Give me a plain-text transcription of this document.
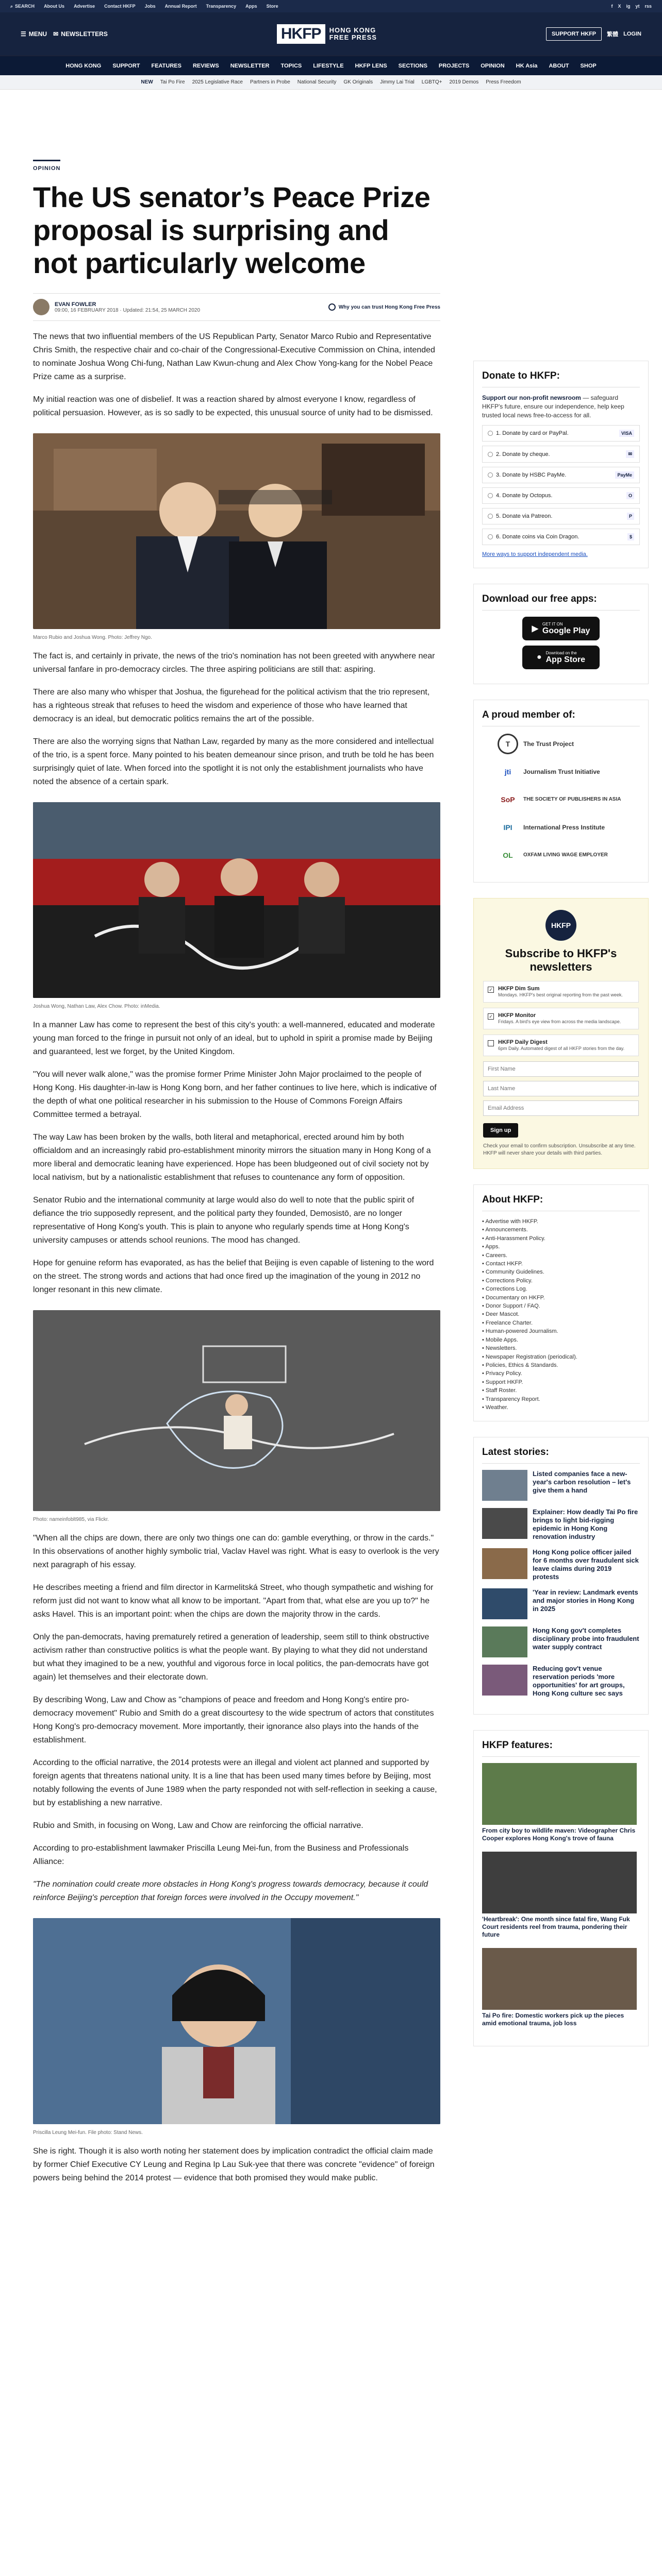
⌕ SEARCH About Us Advertise Contact HKFP Jobs Annual Report Transparency Apps Store	f X ig yt rss
☰ MENU ✉ NEWSLETTERS	HKFP	HONG KONG
FREE PRESS	SUPPORT HKFP	繁體 LOGIN
HONG KONG SUPPORT FEATURES REVIEWS NEWSLETTER TOPICS LIFESTYLE HKFP LENS SECTIONS PROJECTS OPINION HK Asia ABOUT SHOP
NEW Tai Po Fire 2025 Legislative Race Partners in Probe National Security GK Originals Jimmy Lai Trial LGBTQ+ 2019 Demos Press Freedom
OPINION
The US senator’s Peace Prize proposal is surprising and not particularly welcome
EVAN FOWLER
09:00, 16 FEBRUARY 2018 · Updated: 21:54, 25 MARCH 2020
Why you can trust Hong Kong Free Press

The news that two influential members of the US Republican Party, Senator Marco Rubio and Representative Chris Smith, the respective chair and co-chair of the Congressional-Executive Commission on China, intended to nominate Joshua Wong Chi-fung, Nathan Law Kwun-chung and Alex Chow Yong-kang for the Nobel Peace Prize came as a surprise.

My initial reaction was one of disbelief. It was a reaction shared by almost everyone I know, regardless of political persuasion. However, as is so sadly to be expected, this unusual source of unity had to be dismissed.

Marco Rubio and Joshua Wong. Photo: Jeffrey Ngo.

The fact is, and certainly in private, the news of the trio's nomination has not been greeted with anywhere near universal fanfare in pro-democracy circles. The three aspiring politicians are still that: aspiring.

There are also many who whisper that Joshua, the figurehead for the political activism that the trio represent, has a righteous streak that refuses to heed the wisdom and experience of those who have learned that democracy is an ideal, but democratic politics remains the art of the possible.

There are also the worrying signs that Nathan Law, regarded by many as the more considered and intellectual of the trio, is a spent force. Many pointed to his beaten demeanour since prison, and truth be told he has been surprisingly quiet of late. When forced into the spotlight it is not only the establishment journalists who have noted the absence of a certain spark.

Joshua Wong, Nathan Law, Alex Chow. Photo: inMedia.

In a manner Law has come to represent the best of this city's youth: a well-mannered, educated and moderate young man forced to the fringe in pursuit not only of an ideal, but to uphold in spirit a promise made by Beijing and guaranteed, lest we forget, by the United Kingdom.

"You will never walk alone," was the promise former Prime Minister John Major proclaimed to the people of Hong Kong. His daughter-in-law is Hong Kong born, and her father continues to live here, which is indicative of the depth of what one political researcher in his submission to the House of Commons Foreign Affairs Committee termed a betrayal.

The way Law has been broken by the walls, both literal and metaphorical, erected around him by both officialdom and an increasingly rabid pro-establishment minority mirrors the situation many in Hong Kong of a more liberal and democratic leaning have experienced. Hope has been bludgeoned out of civil society not by local nativism, but by a nationalistic establishment that refuses to countenance any form of opposition.

Senator Rubio and the international community at large would also do well to note that the public spirit of defiance the trio supposedly represent, and the political party they founded, Demosistō, are no longer representative of Hong Kong's youth. This is plain to anyone who regularly spends time at Hong Kong's university campuses or attends school reunions. The mood has changed.

Hope for genuine reform has evaporated, as has the belief that Beijing is even capable of listening to the word on the street. The strong words and actions that had once fired up the imagination of the young in 2012 no longer resonant in this new climate.

Photo: nameinfoblt985, via Flickr.

"When all the chips are down, there are only two things one can do: gamble everything, or throw in the cards." In this observations of another highly symbolic trial, Vaclav Havel was right. What is easy to overlook is the very next paragraph of his essay.

He describes meeting a friend and film director in Karmelitská Street, who though sympathetic and wishing for reform just did not want to know what all know to be important. "Apart from that, what else are you up to?" he asks Havel. This is an important point: when the chips are down the majority throw in the cards.

Only the pan-democrats, having prematurely retired a generation of leadership, seem still to think obstructive activism rather than constructive politics is what the people want. By playing to what they did not understand but what they imagined to be a new, youthful and vigorous force in local politics, the pan-democrats have got again) let themselves and their electorate down.

By describing Wong, Law and Chow as "champions of peace and freedom and Hong Kong's entire pro-democracy movement" Rubio and Smith do a great discourtesy to the wide spectrum of actors that constitutes Hong Kong's pro-democracy movement. More importantly, their ignorance also plays into the hands of the establishment.

According to the official narrative, the 2014 protests were an illegal and violent act planned and supported by foreign agents that threatens national unity. It is a line that has been used many times before by Beijing, most notably following the events of June 1989 when the party responded not with self-reflection in seeking a cause, but by establishing a new narrative.

Rubio and Smith, in focusing on Wong, Law and Chow are reinforcing the official narrative.

According to pro-establishment lawmaker Priscilla Leung Mei-fun, from the Business and Professionals Alliance:

"The nomination could create more obstacles in Hong Kong's progress towards democracy, because it could reinforce Beijing's perception that foreign forces were involved in the Occupy movement."

Priscilla Leung Mei-fun. File photo: Stand News.

She is right. Though it is also worth noting her statement does by implication contradict the official claim made by former Chief Executive CY Leung and Regina Ip Lau Suk-yee that there was concrete "evidence" of foreign powers being behind the 2014 protest — evidence that both promised they would make public.

Donate to HKFP:
Support our non-profit newsroom — safeguard HKFP's future, ensure our independence, help keep trusted local news free-to-access for all.
1. Donate by card or PayPal.	VISA
2. Donate by cheque.	✉
3. Donate by HSBC PayMe.	PayMe
4. Donate by Octopus.	O
5. Donate via Patreon.	P
6. Donate coins via Coin Dragon.	$
More ways to support independent media.
Download our free apps:
▶
GET IT ON
Google Play
● Download on the
App Store
A proud member of:
T	The Trust Project
jti	Journalism Trust Initiative
SoP	THE SOCIETY OF PUBLISHERS IN ASIA
IPI	International Press Institute
OL	OXFAM LIVING WAGE EMPLOYER
HKFP
Subscribe to HKFP's newsletters
✓ HKFP Dim Sum
Mondays. HKFP's best original reporting from the past week.
✓ HKFP Monitor
Fridays. A bird's eye view from across the media landscape.
HKFP Daily Digest
6pm Daily. Automated digest of all HKFP stories from the day.
First Name Last Name Email Address Sign up
Check your email to confirm subscription. Unsubscribe at any time. HKFP will never share your details with third parties.
About HKFP:
• Advertise with HKFP.
• Announcements.
• Anti-Harassment Policy.
• Apps.
• Careers.
• Contact HKFP.
• Community Guidelines.
• Corrections Policy.
• Corrections Log.
• Documentary on HKFP.
• Donor Support / FAQ.
• Deer Mascot.
• Freelance Charter.
• Human-powered Journalism.
• Mobile Apps.
• Newsletters.
• Newspaper Registration (periodical).
• Policies, Ethics & Standards.
• Privacy Policy.
• Support HKFP.
• Staff Roster.
• Transparency Report.
• Weather.
Latest stories:
Listed companies face a new-year's carbon resolution – let's give them a hand
Explainer: How deadly Tai Po fire brings to light bid-rigging epidemic in Hong Kong renovation industry
Hong Kong police officer jailed for 6 months over fraudulent sick leave claims during 2019 protests
'Year in review: Landmark events and major stories in Hong Kong in 2025
Hong Kong gov't completes disciplinary probe into fraudulent water supply contract
Reducing gov't venue reservation periods 'more opportunities' for art groups, Hong Kong culture sec says
HKFP features:
From city boy to wildlife maven: Videographer Chris Cooper explores Hong Kong's trove of fauna
'Heartbreak': One month since fatal fire, Wang Fuk Court residents reel from trauma, pondering their future
Tai Po fire: Domestic workers pick up the pieces amid emotional trauma, job loss
